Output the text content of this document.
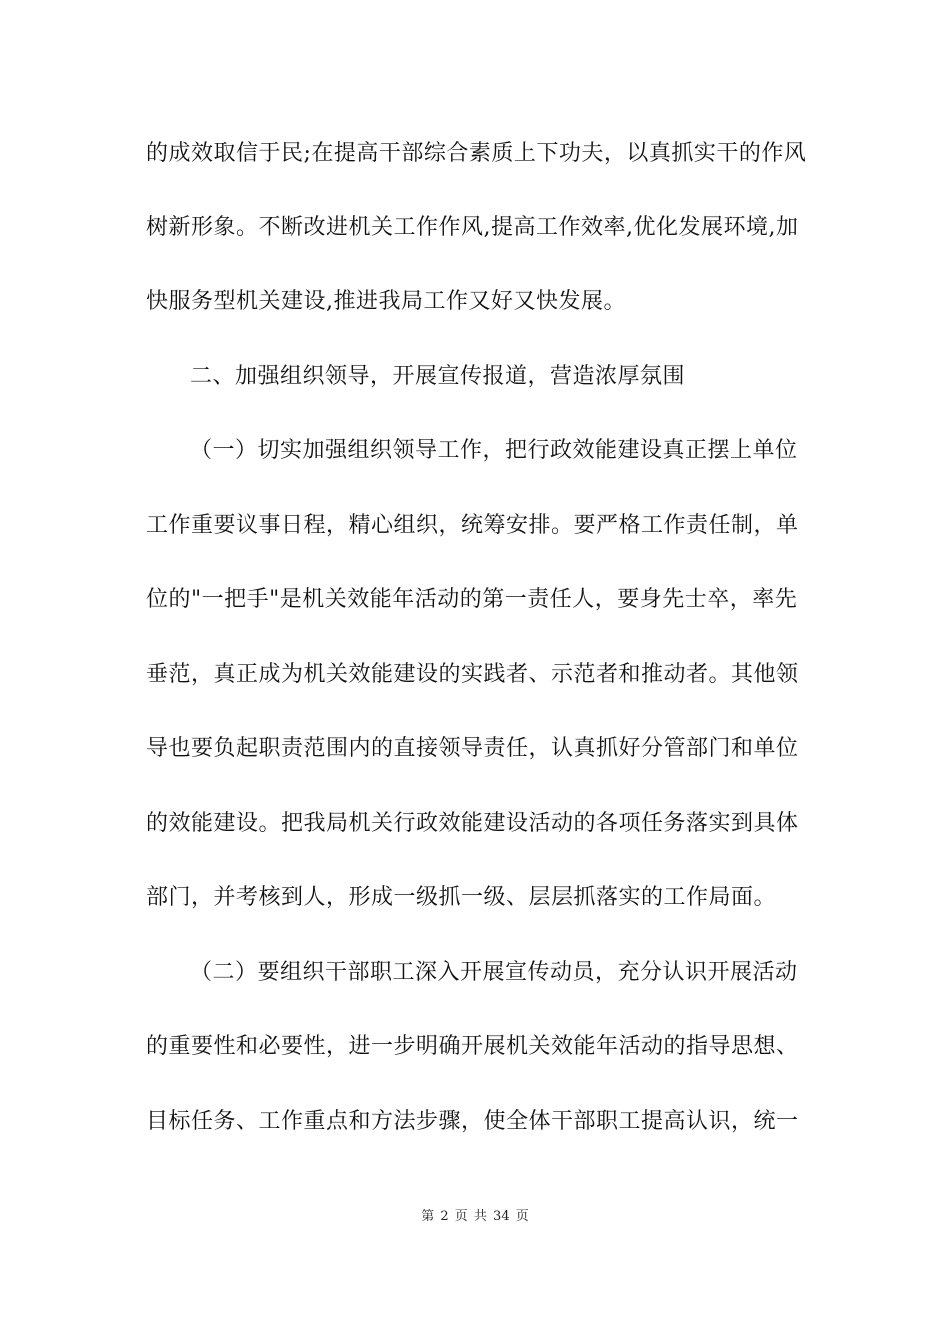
的成效取信于民;在提高干部综合素质上下功夫，以真抓实干的作风
树新形象。不断改进机关工作作风,提高工作效率,优化发展环境,加
快服务型机关建设,推进我局工作又好又快发展。
二、加强组织领导，开展宣传报道，营造浓厚氛围
（一）切实加强组织领导工作，把行政效能建设真正摆上单位
工作重要议事日程，精心组织，统筹安排。要严格工作责任制，单
位的"一把手"是机关效能年活动的第一责任人，要身先士卒，率先
垂范，真正成为机关效能建设的实践者、示范者和推动者。其他领
导也要负起职责范围内的直接领导责任，认真抓好分管部门和单位
的效能建设。把我局机关行政效能建设活动的各项任务落实到具体
部门，并考核到人，形成一级抓一级、层层抓落实的工作局面。
（二）要组织干部职工深入开展宣传动员，充分认识开展活动
的重要性和必要性，进一步明确开展机关效能年活动的指导思想、
目标任务、工作重点和方法步骤，使全体干部职工提高认识，统一
第 2 页 共 34 页
